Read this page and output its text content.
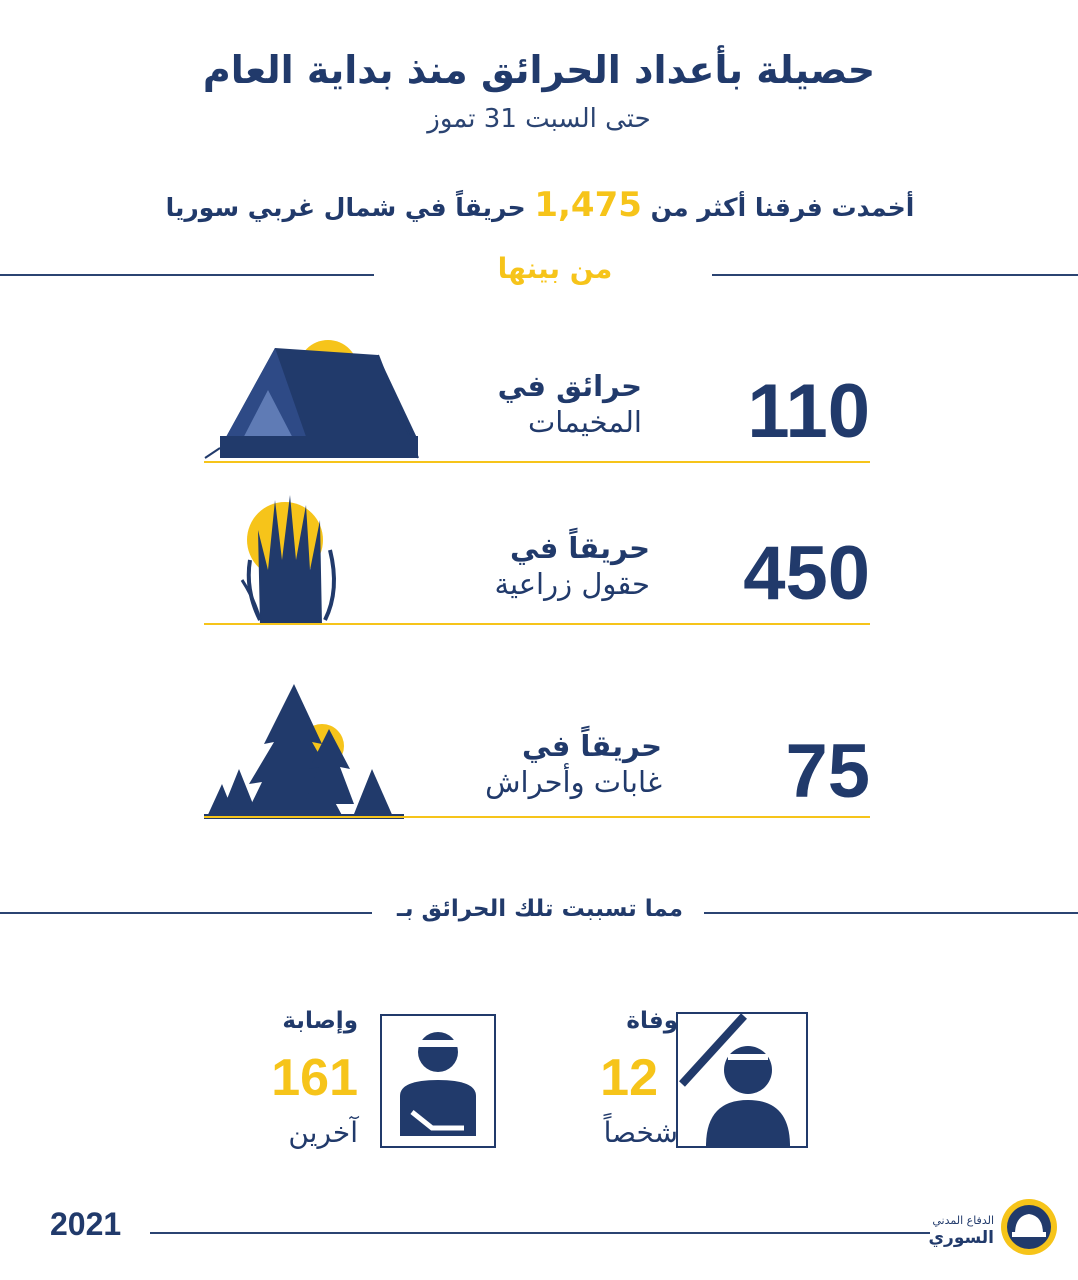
حصيلة بأعداد الحرائق منذ بداية العام
حتى السبت 31 تموز
أخمدت فرقنا أكثر من 1,475 حريقاً في شمال غربي سوريا
من بينها
حرائق في
المخيمات	110
حريقاً في
حقول زراعية	450
حريقاً في
غابات وأحراش	75
مما تسببت تلك الحرائق بـ
وفاة
12
شخصاً
وإصابة
161
آخرين
2021	الدفاع المدني
السوري
